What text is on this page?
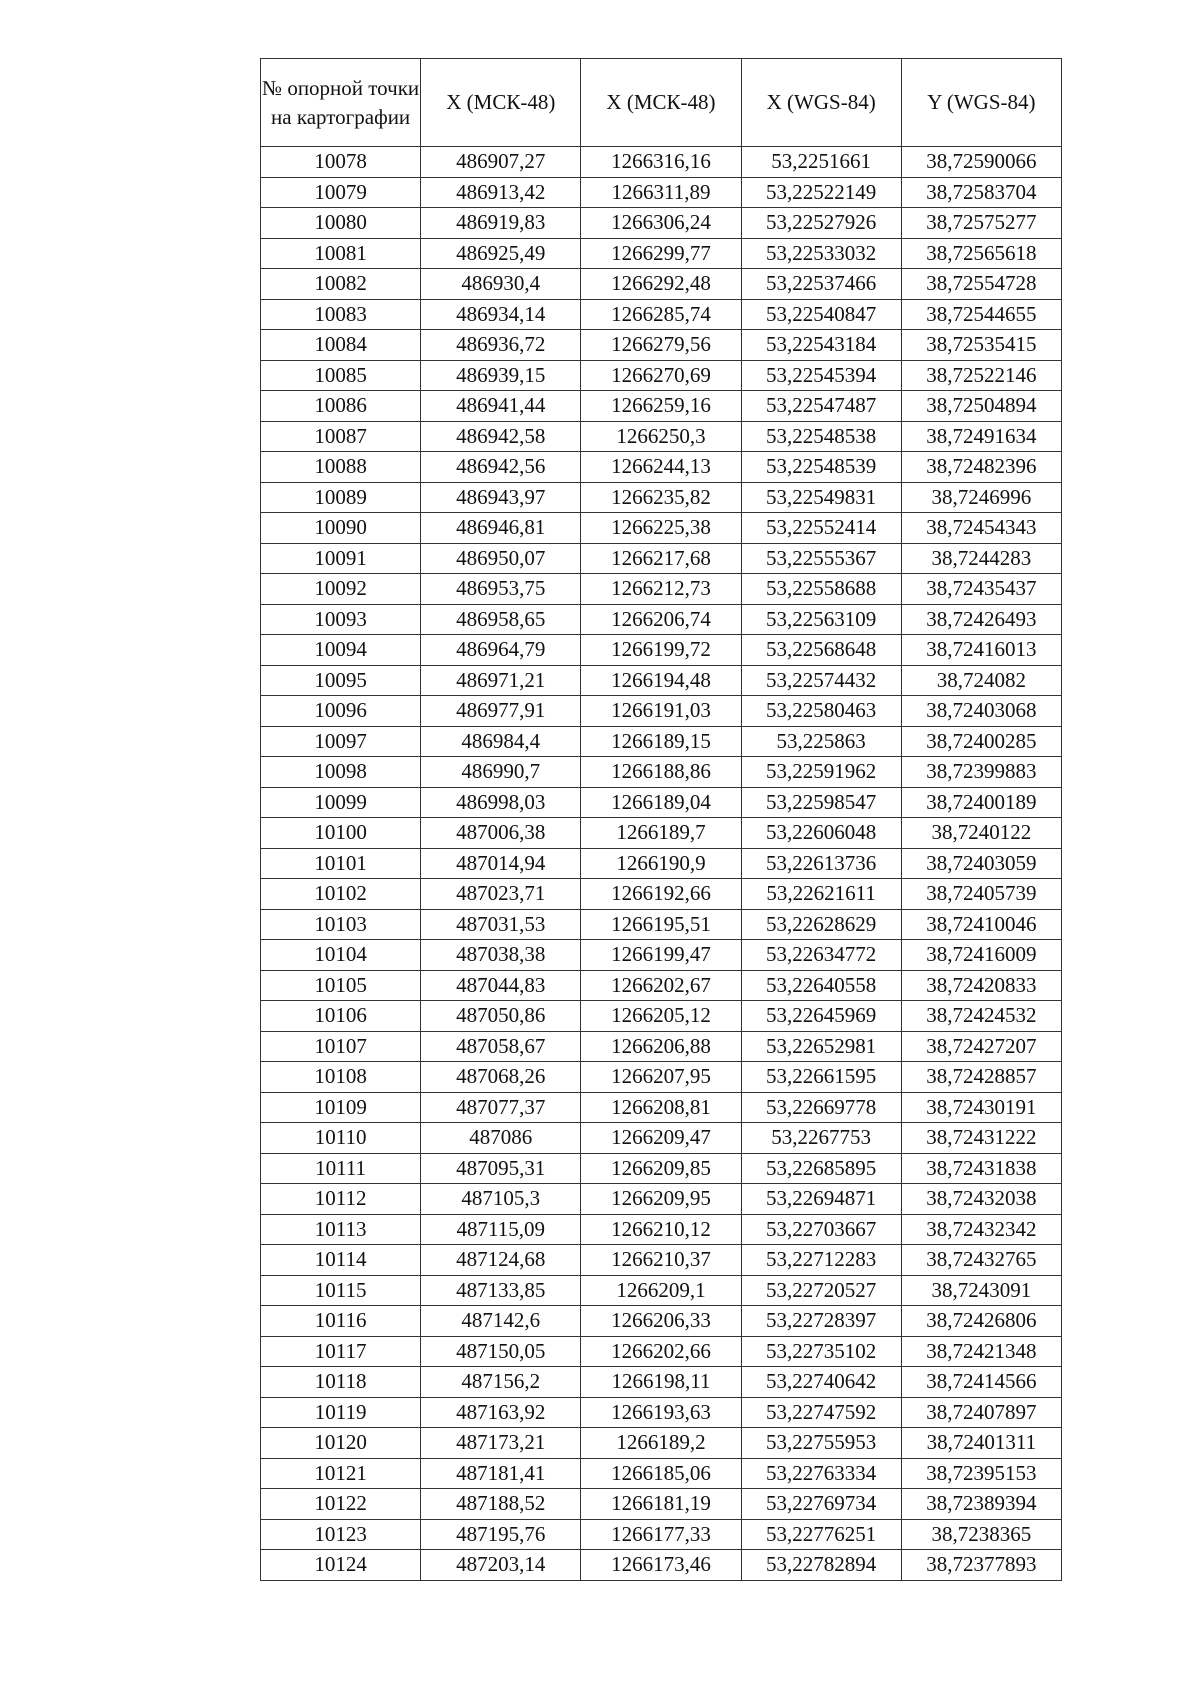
№ опорной точки на картографии	X (МСК-48)	X (МСК-48)	X (WGS-84)	Y (WGS-84)
10078	486907,27	1266316,16	53,2251661	38,72590066
10079	486913,42	1266311,89	53,22522149	38,72583704
10080	486919,83	1266306,24	53,22527926	38,72575277
10081	486925,49	1266299,77	53,22533032	38,72565618
10082	486930,4	1266292,48	53,22537466	38,72554728
10083	486934,14	1266285,74	53,22540847	38,72544655
10084	486936,72	1266279,56	53,22543184	38,72535415
10085	486939,15	1266270,69	53,22545394	38,72522146
10086	486941,44	1266259,16	53,22547487	38,72504894
10087	486942,58	1266250,3	53,22548538	38,72491634
10088	486942,56	1266244,13	53,22548539	38,72482396
10089	486943,97	1266235,82	53,22549831	38,7246996
10090	486946,81	1266225,38	53,22552414	38,72454343
10091	486950,07	1266217,68	53,22555367	38,7244283
10092	486953,75	1266212,73	53,22558688	38,72435437
10093	486958,65	1266206,74	53,22563109	38,72426493
10094	486964,79	1266199,72	53,22568648	38,72416013
10095	486971,21	1266194,48	53,22574432	38,724082
10096	486977,91	1266191,03	53,22580463	38,72403068
10097	486984,4	1266189,15	53,225863	38,72400285
10098	486990,7	1266188,86	53,22591962	38,72399883
10099	486998,03	1266189,04	53,22598547	38,72400189
10100	487006,38	1266189,7	53,22606048	38,7240122
10101	487014,94	1266190,9	53,22613736	38,72403059
10102	487023,71	1266192,66	53,22621611	38,72405739
10103	487031,53	1266195,51	53,22628629	38,72410046
10104	487038,38	1266199,47	53,22634772	38,72416009
10105	487044,83	1266202,67	53,22640558	38,72420833
10106	487050,86	1266205,12	53,22645969	38,72424532
10107	487058,67	1266206,88	53,22652981	38,72427207
10108	487068,26	1266207,95	53,22661595	38,72428857
10109	487077,37	1266208,81	53,22669778	38,72430191
10110	487086	1266209,47	53,2267753	38,72431222
10111	487095,31	1266209,85	53,22685895	38,72431838
10112	487105,3	1266209,95	53,22694871	38,72432038
10113	487115,09	1266210,12	53,22703667	38,72432342
10114	487124,68	1266210,37	53,22712283	38,72432765
10115	487133,85	1266209,1	53,22720527	38,7243091
10116	487142,6	1266206,33	53,22728397	38,72426806
10117	487150,05	1266202,66	53,22735102	38,72421348
10118	487156,2	1266198,11	53,22740642	38,72414566
10119	487163,92	1266193,63	53,22747592	38,72407897
10120	487173,21	1266189,2	53,22755953	38,72401311
10121	487181,41	1266185,06	53,22763334	38,72395153
10122	487188,52	1266181,19	53,22769734	38,72389394
10123	487195,76	1266177,33	53,22776251	38,7238365
10124	487203,14	1266173,46	53,22782894	38,72377893
